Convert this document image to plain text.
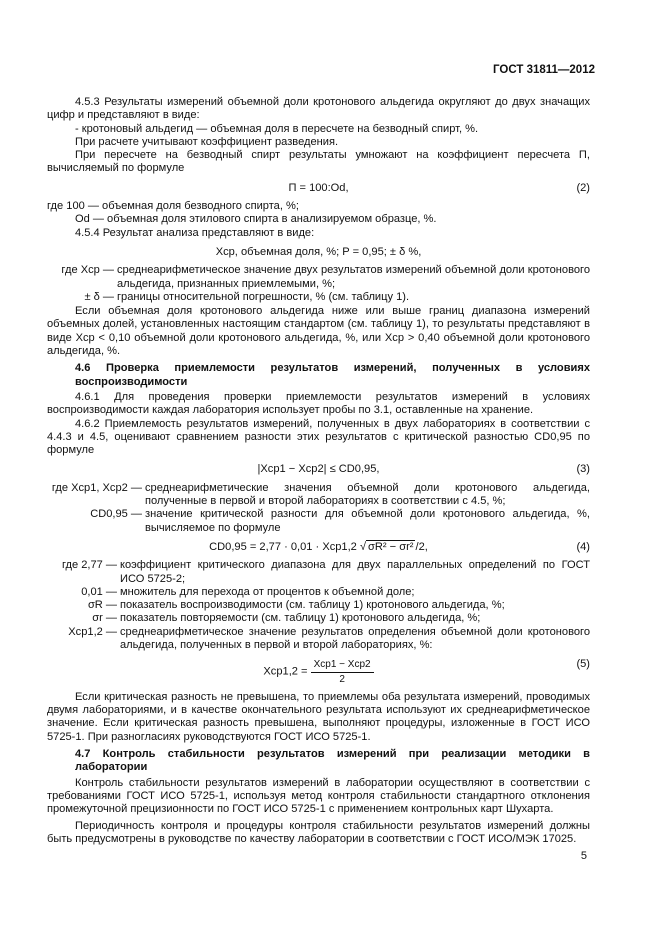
ГОСТ 31811—2012

4.5.3 Результаты измерений объемной доли кротонового альдегида округляют до двух значащих цифр и представляют в виде:

- кротоновый альдегид — объемная доля в пересчете на безводный спирт, %.

При расчете учитывают коэффициент разведения.

При пересчете на безводный спирт результаты умножают на коэффициент пересчета П, вычисляемый по формуле

П = 100:Оd,	(2)

где 100 — объемная доля безводного спирта, %;

Оd — объемная доля этилового спирта в анализируемом образце, %.

4.5.4 Результат анализа представляют в виде:

Xср, объемная доля, %; P = 0,95; ± δ %,
где Xср — среднеарифметическое значение двух результатов измерений объемной доли кротонового альдегида, признанных приемлемыми, %;
± δ — границы относительной погрешности, % (см. таблицу 1).

Если объемная доля кротонового альдегида ниже или выше границ диапазона измерений объемных долей, установленных настоящим стандартом (см. таблицу 1), то результаты представляют в виде Xср < 0,10 объемной доли кротонового альдегида, %, или Xср > 0,40 объемной доли кротонового альдегида, %.

4.6 Проверка приемлемости результатов измерений, полученных в условиях воспроизводимости

4.6.1 Для проведения проверки приемлемости результатов измерений в условиях воспроизводимости каждая лаборатория использует пробы по 3.1, оставленные на хранение.

4.6.2 Приемлемость результатов измерений, полученных в двух лабораториях в соответствии с 4.4.3 и 4.5, оценивают сравнением разности этих результатов с критической разностью CD0,95 по формуле

|Xср1 − Xср2| ≤ CD0,95,	(3)
где Xср1, Xср2 — среднеарифметические значения объемной доли кротонового альдегида, полученные в первой и второй лабораториях в соответствии с 4.5, %;
CD0,95 — значение критической разности для объемной доли кротонового альдегида, %, вычисляемое по формуле
CD0,95 = 2,77 · 0,01 · Xср1,2 √ σR² − σr² /2,	(4)
где 2,77 — коэффициент критического диапазона для двух параллельных определений по ГОСТ ИСО 5725-2;
0,01 — множитель для перехода от процентов к объемной доле;
σR — показатель воспроизводимости (см. таблицу 1) кротонового альдегида, %;
σr — показатель повторяемости (см. таблицу 1) кротонового альдегида, %;
Xср1,2 — среднеарифметическое значение результатов определения объемной доли кротонового альдегида, полученных в первой и второй лабораториях, %:
$Xср1,2 = \frac{\text{Xср1 − Xср2}}{2}$	(5)

Если критическая разность не превышена, то приемлемы оба результата измерений, проводимых двумя лабораториями, и в качестве окончательного результата используют их среднеарифметическое значение. Если критическая разность превышена, выполняют процедуры, изложенные в ГОСТ ИСО 5725-1. При разногласиях руководствуются ГОСТ ИСО 5725-1.

4.7 Контроль стабильности результатов измерений при реализации методики в лаборатории

Контроль стабильности результатов измерений в лаборатории осуществляют в соответствии с требованиями ГОСТ ИСО 5725-1, используя метод контроля стабильности стандартного отклонения промежуточной прецизионности по ГОСТ ИСО 5725-1 с применением контрольных карт Шухарта.

Периодичность контроля и процедуры контроля стабильности результатов измерений должны быть предусмотрены в руководстве по качеству лаборатории в соответствии с ГОСТ ИСО/МЭК 17025.

5
